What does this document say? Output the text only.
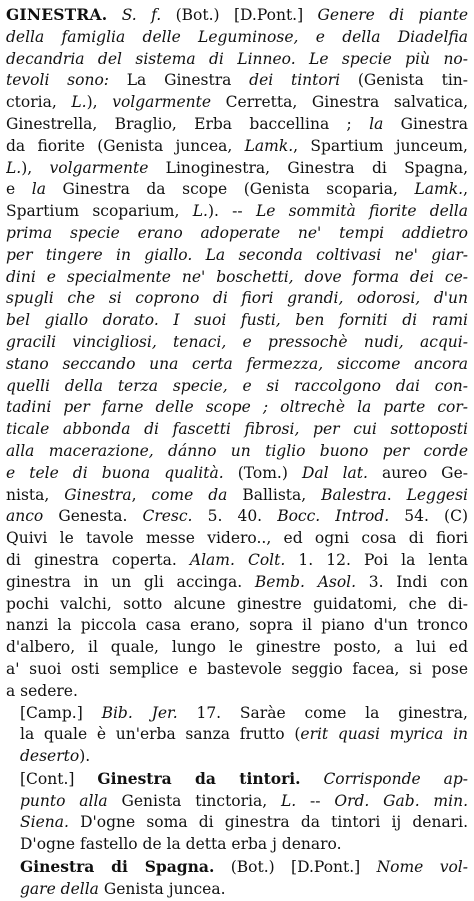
GINESTRA. S. f. (Bot.) [D.Pont.] Genere di piante
della famiglia delle Leguminose, e della Diadelfia
decandria del sistema di Linneo. Le specie più no-
tevoli sono: La Ginestra dei tintori (Genista tin-
ctoria, L.), volgarmente Cerretta, Ginestra salvatica,
Ginestrella, Braglio, Erba baccellina ; la Ginestra
da fiorite (Genista juncea, Lamk., Spartium junceum,
L.), volgarmente Linoginestra, Ginestra di Spagna,
e la Ginestra da scope (Genista scoparia, Lamk.,
Spartium scoparium, L.). -- Le sommità fiorite della
prima specie erano adoperate ne' tempi addietro
per tingere in giallo. La seconda coltivasi ne' giar-
dini e specialmente ne' boschetti, dove forma dei ce-
spugli che si coprono di fiori grandi, odorosi, d'un
bel giallo dorato. I suoi fusti, ben forniti di rami
gracili vincigliosi, tenaci, e pressochè nudi, acqui-
stano seccando una certa fermezza, siccome ancora
quelli della terza specie, e si raccolgono dai con-
tadini per farne delle scope ; oltrechè la parte cor-
ticale abbonda di fascetti fibrosi, per cui sottoposti
alla macerazione, dánno un tiglio buono per corde
e tele di buona qualità. (Tom.) Dal lat. aureo Ge-
nista, Ginestra, come da Ballista, Balestra. Leggesi
anco Genesta. Cresc. 5. 40. Bocc. Introd. 54. (C)
Quivi le tavole messe videro.., ed ogni cosa di fiori
di ginestra coperta. Alam. Colt. 1. 12. Poi la lenta
ginestra in un gli accinga. Bemb. Asol. 3. Indi con
pochi valchi, sotto alcune ginestre guidatomi, che di-
nanzi la piccola casa erano, sopra il piano d'un tronco
d'albero, il quale, lungo le ginestre posto, a lui ed
a' suoi osti semplice e bastevole seggio facea, si pose
a sedere.
[Camp.] Bib. Jer. 17. Saràe come la ginestra,
la quale è un'erba sanza frutto (erit quasi myrica in
deserto).
[Cont.] Ginestra da tintori. Corrisponde ap-
punto alla Genista tinctoria, L. -- Ord. Gab. min.
Siena. D'ogne soma di ginestra da tintori ij denari.
D'ogne fastello de la detta erba j denaro.
Ginestra di Spagna. (Bot.) [D.Pont.] Nome vol-
gare della Genista juncea.
